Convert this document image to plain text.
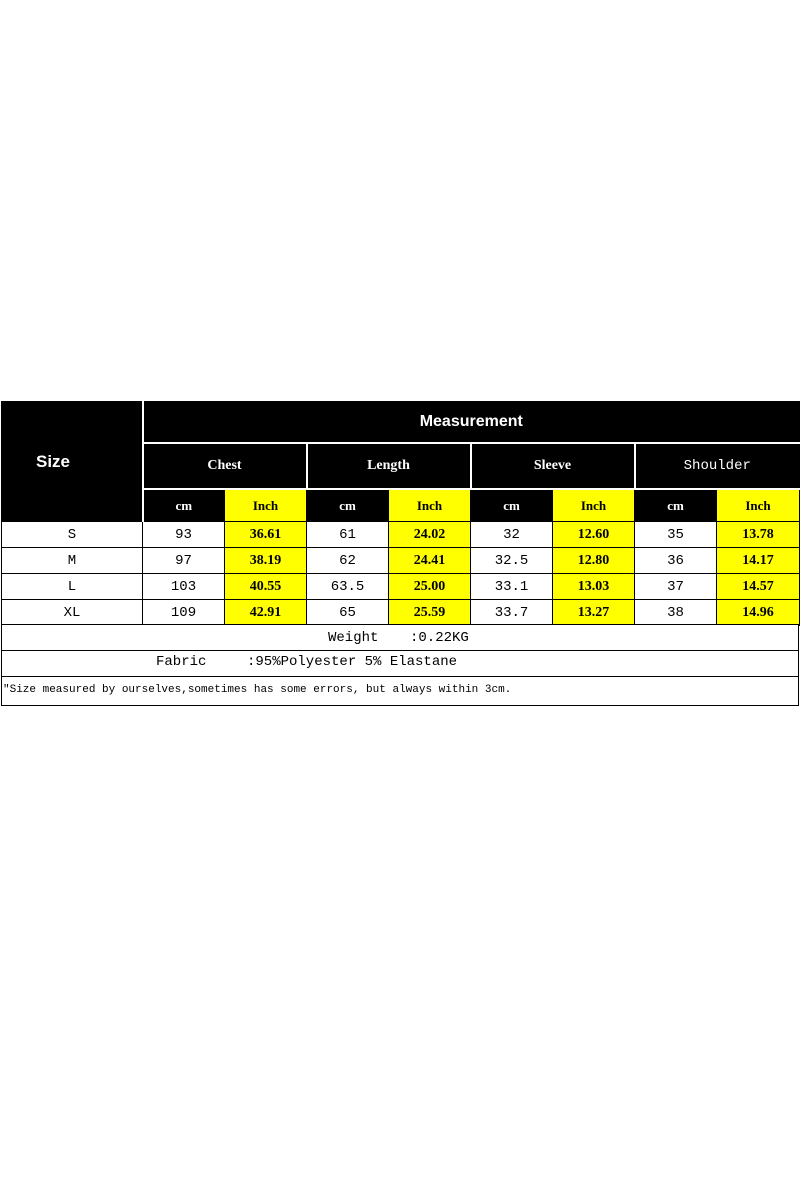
Size	Measurement							
	Chest		Length		Sleeve		Shoulder	
	cm	Inch	cm	Inch	cm	Inch	cm	Inch
S	93	36.61	61	24.02	32	12.60	35	13.78
M	97	38.19	62	24.41	32.5	12.80	36	14.17
L	103	40.55	63.5	25.00	33.1	13.03	37	14.57
XL	109	42.91	65	25.59	33.7	13.27	38	14.96
Weight :0.22KG
Fabric	:95%Polyester 5% Elastane
"Size measured by ourselves,sometimes has some errors, but always within 3cm.
